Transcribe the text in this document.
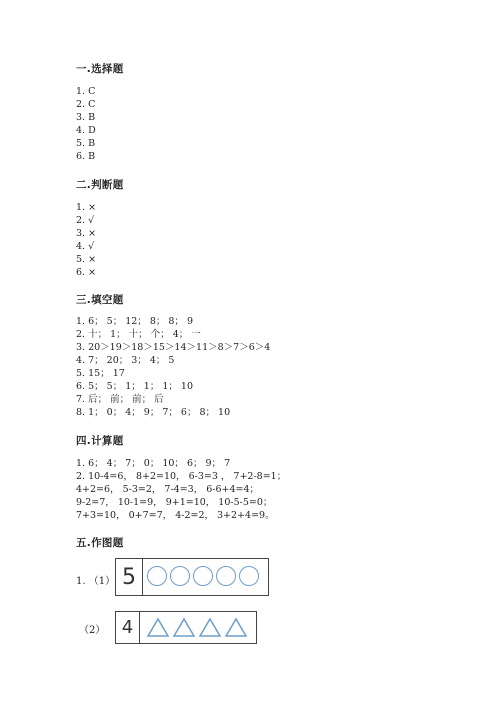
一.选择题
1. C
2. C
3. B
4. D
5. B
6. B
二.判断题
1. ×
2. √
3. ×
4. √
5. ×
6. ×
三.填空题
1. 6； 5； 12； 8； 8； 9
2. 十； 1； 十； 个； 4； 一
3. 20＞19＞18＞15＞14＞11＞8＞7＞6＞4
4. 7； 20； 3； 4； 5
5. 15； 17
6. 5； 5； 1； 1； 1； 10
7. 后； 前； 前； 后
8. 1； 0； 4； 9； 7； 6； 8； 10
四.计算题
1. 6； 4； 7； 0； 10； 6； 9； 7
2. 10-4=6， 8+2=10， 6-3=3 ， 7+2-8=1；
4+2=6， 5-3=2， 7-4=3， 6-6+4=4；
9-2=7， 10-1=9， 9+1=10， 10-5-5=0；
7+3=10， 0+7=7， 4-2=2， 3+2+4=9。
五.作图题
1. （1） 5
（2） 4
